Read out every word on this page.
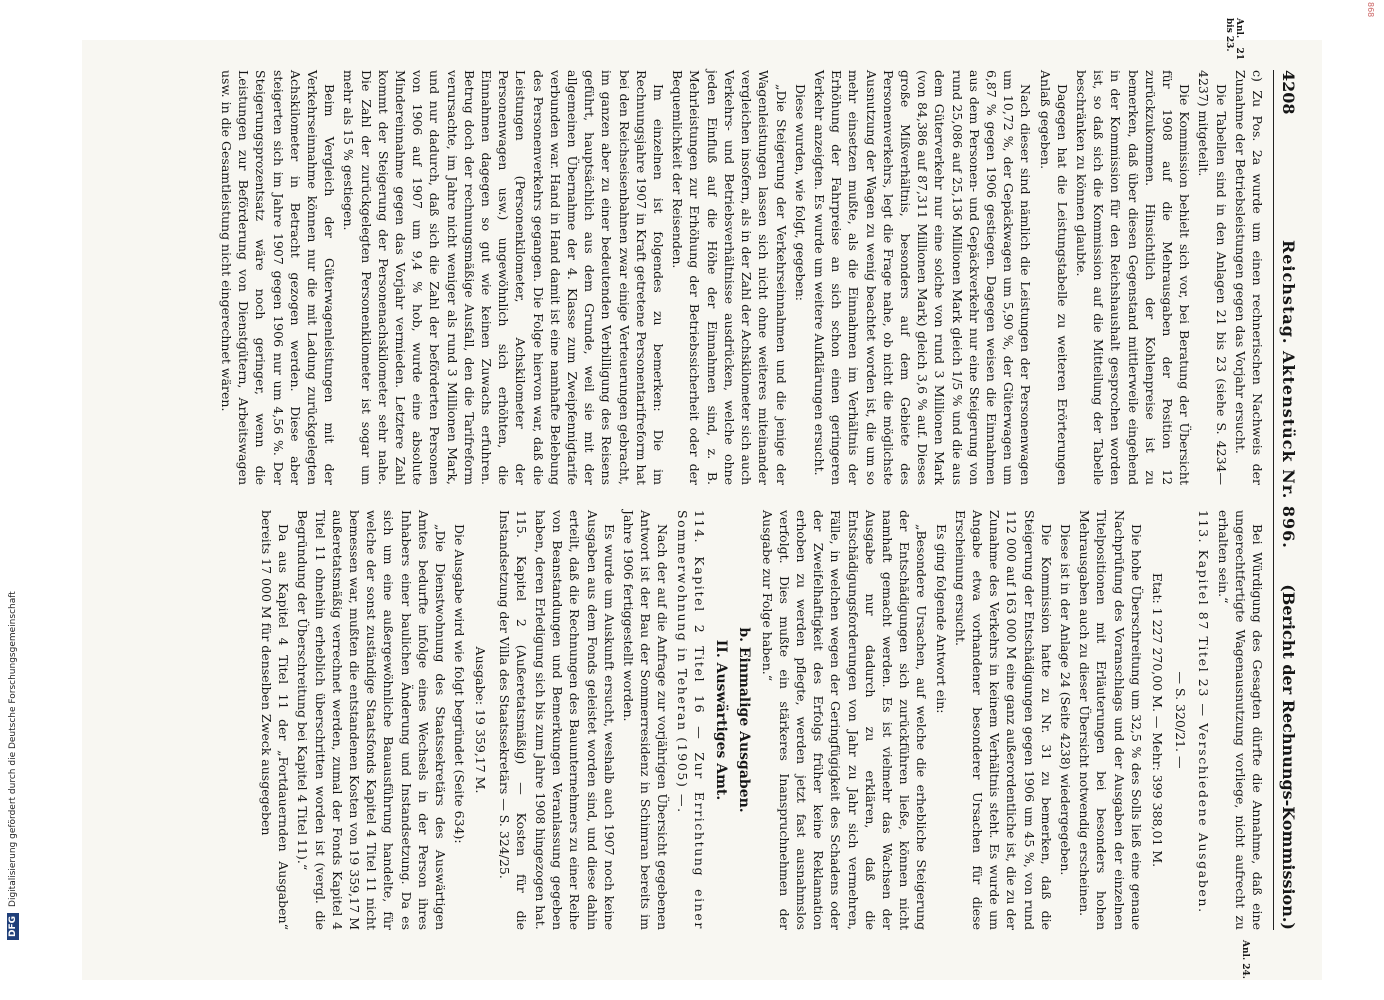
4208
Reichstag. Aktenstück Nr. 896.
(Bericht der Rechnungs-Kommission.)
Anl. 21 bis 23.
Anl. 24.

c) Zu Pos. 2a wurde um einen rechnerischen Nachweis der Zunahme der Betriebsleistungen gegen das Vorjahr ersucht.

Die Tabellen sind in den Anlagen 21 bis 23 (siehe S. 4234—4237) mitgeteilt.

Die Kommission behielt sich vor, bei Beratung der Übersicht für 1908 auf die Mehrausgaben der Position 12 zurückzukommen. Hinsichtlich der Kohlenpreise ist zu bemerken, daß über diesen Gegenstand mittlerweile eingehend in der Kommission für den Reichshaushalt gesprochen worden ist, so daß sich die Kommission auf die Mitteilung der Tabelle beschränken zu können glaubte.

Dagegen hat die Leistungstabelle zu weiteren Erörterungen Anlaß gegeben.

Nach dieser sind nämlich die Leistungen der Personenwagen um 10,72 %, der Gepäckwagen um 5,90 %, der Güterwagen um 6,87 % gegen 1906 gestiegen. Dagegen weisen die Einnahmen aus dem Personen- und Gepäckverkehr nur eine Steigerung von rund 25,086 auf 25,136 Millionen Mark gleich 1/5 % und die aus dem Güterverkehr nur eine solche von rund 3 Millionen Mark (von 84,386 auf 87,311 Millionen Mark) gleich 3,6 % auf. Dieses große Mißverhältnis, besonders auf dem Gebiete des Personenverkehrs, legt die Frage nahe, ob nicht die möglichste Ausnutzung der Wagen zu wenig beachtet worden ist, die um so mehr einsetzen mußte, als die Einnahmen im Verhältnis der Erhöhung der Fahrpreise an sich schon einen geringeren Verkehr anzeigten. Es wurde um weitere Aufklärungen ersucht.

Diese wurden, wie folgt, gegeben:

„Die Steigerung der Verkehrseinnahmen und die jenige der Wagenleistungen lassen sich nicht ohne weiteres miteinander vergleichen insofern, als in der Zahl der Achskilometer sich auch Verkehrs- und Betriebsverhältnisse ausdrücken, welche ohne jeden Einfluß auf die Höhe der Einnahmen sind, z. B. Mehrleistungen zur Erhöhung der Betriebssicherheit oder der Bequemlichkeit der Reisenden.

Im einzelnen ist folgendes zu bemerken: Die im Rechnungsjahre 1907 in Kraft getretene Personentarifreform hat bei den Reichseisenbahnen zwar einige Verteuerungen gebracht, im ganzen aber zu einer bedeutenden Verbilligung des Reisens geführt, hauptsächlich aus dem Grunde, weil sie mit der allgemeinen Übernahme der 4. Klasse zum Zweipfennigtarife verbunden war. Hand in Hand damit ist eine namhafte Belebung des Personenverkehrs gegangen. Die Folge hiervon war, daß die Leistungen (Personenkilometer, Achskilometer der Personenwagen usw.) ungewöhnlich sich erhöhten, die Einnahmen dagegen so gut wie keinen Zuwachs erfuhren. Betrug doch der rechnungsmäßige Ausfall, den die Tarifreform verursachte, im Jahre nicht weniger als rund 3 Millionen Mark, und nur dadurch, daß sich die Zahl der beförderten Personen von 1906 auf 1907 um 9,4 % hob, wurde eine absolute Mindereinnahme gegen das Vorjahr vermieden. Letztere Zahl kommt der Steigerung der Personenachskilometer sehr nahe. Die Zahl der zurückgelegten Personenkilometer ist sogar um mehr als 15 % gestiegen.

Beim Vergleich der Güterwagenleistungen mit der Verkehrseinnahme können nur die mit Ladung zurückgelegten Achskilometer in Betracht gezogen werden. Diese aber steigerten sich im Jahre 1907 gegen 1906 nur um 4,56 %. Der Steigerungsprozentsatz wäre noch geringer, wenn die Leistungen zur Beförderung von Dienstgütern, Arbeitswagen usw. in die Gesamtleistung nicht eingerechnet wären.

Bei Würdigung des Gesagten dürfte die Annahme, daß eine ungerechtfertigte Wagenausnutzung vorliege, nicht aufrecht zu erhalten sein.“

113. Kapitel 87 Titel 23 — Verschiedene Ausgaben.

— S. 320/21. —

Etat: 1 227 270,00 M. — Mehr: 399 388,01 M.

Die hohe Überschreitung um 32,5 % des Solls ließ eine genaue Nachprüfung des Voranschlags und der Ausgaben der einzelnen Titelpositionen mit Erläuterungen bei besonders hohen Mehrausgaben auch zu dieser Übersicht notwendig erscheinen.

Diese ist in der Anlage 24 (Seite 4238) wiedergegeben.

Die Kommission hatte zu Nr. 31 zu bemerken, daß die Steigerung der Entschädigungen gegen 1906 um 45 %, von rund 112 000 auf 163 000 M eine ganz außerordentliche ist, die zu der Zunahme des Verkehrs in keinem Verhältnis steht. Es wurde um Angabe etwa vorhandener besonderer Ursachen für diese Erscheinung ersucht.

Es ging folgende Antwort ein:

„Besondere Ursachen, auf welche die erhebliche Steigerung der Entschädigungen sich zurückführen ließe, können nicht namhaft gemacht werden. Es ist vielmehr das Wachsen der Ausgabe nur dadurch zu erklären, daß die Entschädigungsforderungen von Jahr zu Jahr sich vermehren, Fälle, in welchen wegen der Geringfügigkeit des Schadens oder der Zweifelhaftigkeit des Erfolgs früher keine Reklamation erhoben zu werden pflegte, werden jetzt fast ausnahmslos verfolgt. Dies mußte ein stärkeres Inanspruchnehmen der Ausgabe zur Folge haben.“

b. Einmalige Ausgaben.

II. Auswärtiges Amt.

114. Kapitel 2 Titel 16 — Zur Errichtung einer Sommerwohnung in Teheran (1905) —.

Nach der auf die Anfrage zur vorjährigen Übersicht gegebenen Antwort ist der Bau der Sommerresidenz in Schimran bereits im Jahre 1906 fertiggestellt worden.

Es wurde um Auskunft ersucht, weshalb auch 1907 noch keine Ausgaben aus dem Fonds geleistet worden sind, und diese dahin erteilt, daß die Rechnungen des Bauunternehmers zu einer Reihe von Beanstandungen und Bemerkungen Veranlassung gegeben haben, deren Erledigung sich bis zum Jahre 1908 hingezogen hat.

115. Kapitel 2 (Außeretatsmäßig) — Kosten für die Instandsetzung der Villa des Staatssekretärs — S. 324/25.

Ausgabe: 19 359,17 M.

Die Ausgabe wird wie folgt begründet (Seite 634):

„Die Dienstwohnung des Staatssekretärs des Auswärtigen Amtes bedurfte infolge eines Wechsels in der Person ihres Inhabers einer baulichen Änderung und Instandsetzung. Da es sich um eine außergewöhnliche Bauausführung handelte, für welche der sonst zuständige Staatsfonds Kapitel 4 Titel 11 nicht bemessen war, mußten die entstandenen Kosten von 19 359,17 M außeretatsmäßig verrechnet werden, zumal der Fonds Kapitel 4 Titel 11 ohnehin erheblich überschritten worden ist (vergl. die Begründung der Überschreitung bei Kapitel 4 Titel 11).“

Da aus Kapitel 4 Titel 11 der „Fortdauernden Ausgaben“ bereits 17 000 M für denselben Zweck ausgegeben

DFGDigitalisierung gefördert durch die Deutsche Forschungsgemeinschaft
868
